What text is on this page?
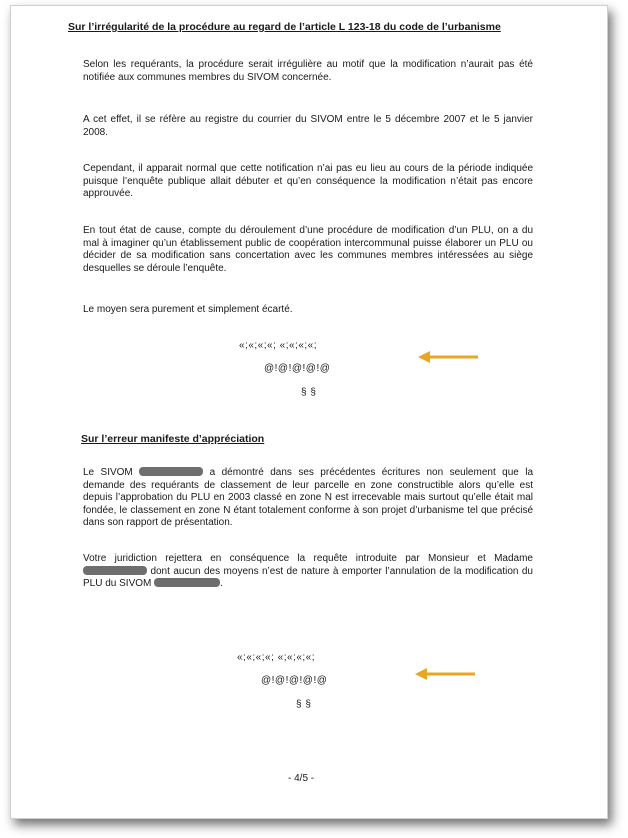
Sur l’irrégularité de la procédure au regard de l’article L 123-18 du code de l’urbanisme
Selon les requérants, la procédure serait irrégulière au motif que la modification n’aurait pas été notifiée aux communes membres du SIVOM concernée.
A cet effet, il se réfère au registre du courrier du SIVOM entre le 5 décembre 2007 et le 5 janvier 2008.
Cependant, il apparait normal que cette notification n’ai pas eu lieu au cours de la période indiquée puisque l’enquête publique allait débuter et qu’en conséquence la modification n’était pas encore approuvée.
En tout état de cause, compte du déroulement d’une procédure de modification d’un PLU, on a du mal à imaginer qu’un établissement public de coopération intercommunal puisse élaborer un PLU ou décider de sa modification sans concertation avec les communes membres intéressées au siège desquelles se déroule l’enquête.
Le moyen sera purement et simplement écarté.
«;«;«;«; «;«;«;«;
@!@!@!@!@
§ §
Sur l’erreur manifeste d’appréciation
Le SIVOM	a démontré dans ses précédentes écritures non seulement que la demande des requérants de classement de leur parcelle en zone constructible alors qu’elle est depuis l’approbation du PLU en 2003 classé en zone N est irrecevable mais surtout qu’elle était mal fondée, le classement en zone N étant totalement conforme à son projet d’urbanisme tel que précisé dans son rapport de présentation.
Votre juridiction rejettera en conséquence la requête introduite par Monsieur et Madame  dont aucun des moyens n’est de nature à emporter l’annulation de la modification du PLU du SIVOM	.
«;«;«;«; «;«;«;«;
@!@!@!@!@
§ §
- 4/5 -
